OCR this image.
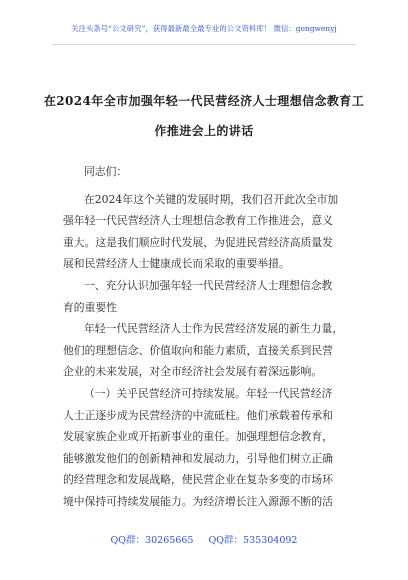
关注头条号“公文研究”，获得最新最全最专业的公文资料库！ 微信：gongwenyj
在2024年全市加强年轻一代民营经济人士理想信念教育工
作推进会上的讲话
同志们：
在2024年这个关键的发展时期，我们召开此次全市加
强年轻一代民营经济人士理想信念教育工作推进会，意义
重大。这是我们顺应时代发展，为促进民营经济高质量发
展和民营经济人士健康成长而采取的重要举措。
一、充分认识加强年轻一代民营经济人士理想信念教
育的重要性
年轻一代民营经济人士作为民营经济发展的新生力量，
他们的理想信念、价值取向和能力素质，直接关系到民营
企业的未来发展，对全市经济社会发展有着深远影响。
（一）关乎民营经济可持续发展。年轻一代民营经济
人士正逐步成为民营经济的中流砥柱。他们承载着传承和
发展家族企业或开拓新事业的重任。加强理想信念教育，
能够激发他们的创新精神和发展动力，引导他们树立正确
的经营理念和发展战略，使民营企业在复杂多变的市场环
境中保持可持续发展能力。为经济增长注入源源不断的活
QQ群：30265665 QQ群：535304092
